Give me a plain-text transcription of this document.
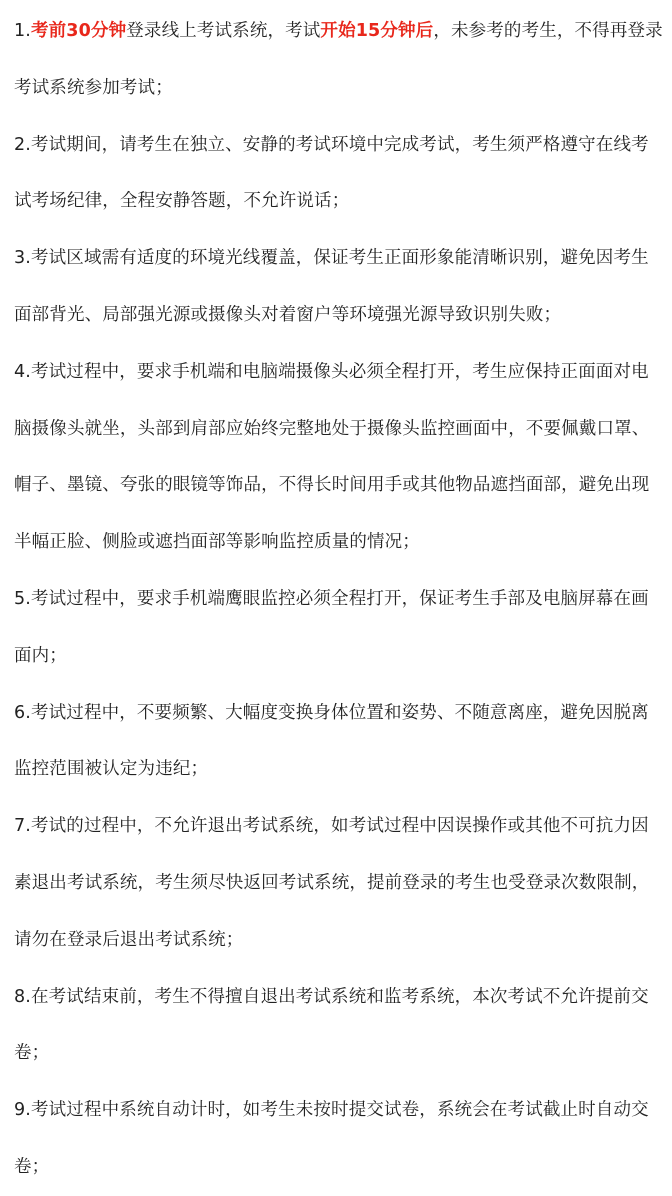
1.考前30分钟登录线上考试系统，考试开始15分钟后，未参考的考生，不得再登录考试系统参加考试；

2.考试期间，请考生在独立、安静的考试环境中完成考试，考生须严格遵守在线考试考场纪律，全程安静答题，不允许说话；

3.考试区域需有适度的环境光线覆盖，保证考生正面形象能清晰识别，避免因考生面部背光、局部强光源或摄像头对着窗户等环境强光源导致识别失败；

4.考试过程中，要求手机端和电脑端摄像头必须全程打开，考生应保持正面面对电脑摄像头就坐，头部到肩部应始终完整地处于摄像头监控画面中，不要佩戴口罩、帽子、墨镜、夸张的眼镜等饰品，不得长时间用手或其他物品遮挡面部，避免出现半幅正脸、侧脸或遮挡面部等影响监控质量的情况；

5.考试过程中，要求手机端鹰眼监控必须全程打开，保证考生手部及电脑屏幕在画面内；

6.考试过程中，不要频繁、大幅度变换身体位置和姿势、不随意离座，避免因脱离监控范围被认定为违纪；

7.考试的过程中，不允许退出考试系统，如考试过程中因误操作或其他不可抗力因素退出考试系统，考生须尽快返回考试系统，提前登录的考生也受登录次数限制，请勿在登录后退出考试系统；

8.在考试结束前，考生不得擅自退出考试系统和监考系统，本次考试不允许提前交卷；

9.考试过程中系统自动计时，如考生未按时提交试卷，系统会在考试截止时自动交卷；
